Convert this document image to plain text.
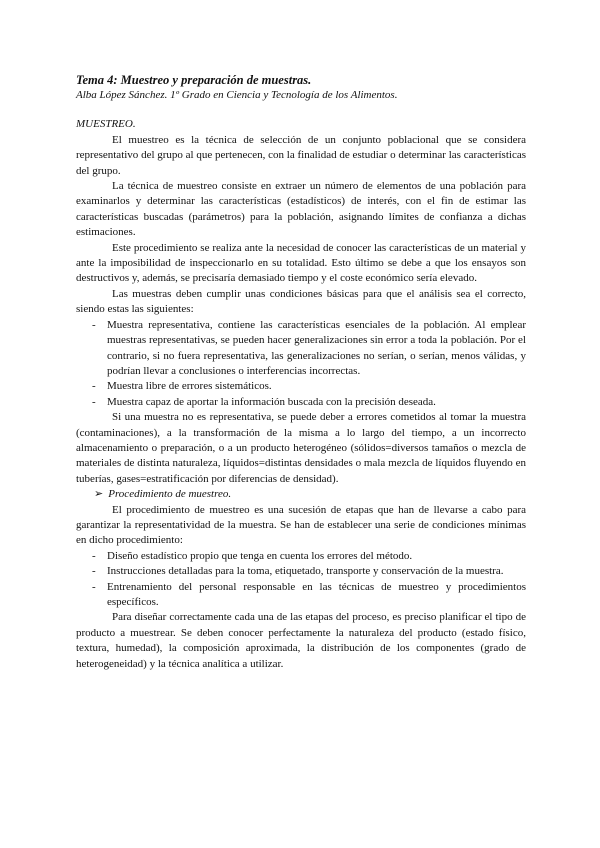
Tema 4: Muestreo y preparación de muestras.

Alba López Sánchez. 1º Grado en Ciencia y Tecnología de los Alimentos.

MUESTREO.

El muestreo es la técnica de selección de un conjunto poblacional que se considera representativo del grupo al que pertenecen, con la finalidad de estudiar o determinar las características del grupo.

La técnica de muestreo consiste en extraer un número de elementos de una población para examinarlos y determinar las características (estadísticos) de interés, con el fin de estimar las características buscadas (parámetros) para la población, asignando límites de confianza a dichas estimaciones.

Este procedimiento se realiza ante la necesidad de conocer las características de un material y ante la imposibilidad de inspeccionarlo en su totalidad. Esto último se debe a que los ensayos son destructivos y, además, se precisaría demasiado tiempo y el coste económico sería elevado.

Las muestras deben cumplir unas condiciones básicas para que el análisis sea el correcto, siendo estas las siguientes:

- Muestra representativa, contiene las características esenciales de la población. Al emplear muestras representativas, se pueden hacer generalizaciones sin error a toda la población. Por el contrario, si no fuera representativa, las generalizaciones no serían, o serían, menos válidas, y podrían llevar a conclusiones o interferencias incorrectas.
- Muestra libre de errores sistemáticos.
- Muestra capaz de aportar la información buscada con la precisión deseada.

Si una muestra no es representativa, se puede deber a errores cometidos al tomar la muestra (contaminaciones), a la transformación de la misma a lo largo del tiempo, a un incorrecto almacenamiento o preparación, o a un producto heterogéneo (sólidos=diversos tamaños o mezcla de materiales de distinta naturaleza, líquidos=distintas densidades o mala mezcla de líquidos fluyendo en tuberías, gases=estratificación por diferencias de densidad).

➢ Procedimiento de muestreo.

El procedimiento de muestreo es una sucesión de etapas que han de llevarse a cabo para garantizar la representatividad de la muestra. Se han de establecer una serie de condiciones mínimas en dicho procedimiento:

- Diseño estadístico propio que tenga en cuenta los errores del método.
- Instrucciones detalladas para la toma, etiquetado, transporte y conservación de la muestra.
- Entrenamiento del personal responsable en las técnicas de muestreo y procedimientos específicos.

Para diseñar correctamente cada una de las etapas del proceso, es preciso planificar el tipo de producto a muestrear. Se deben conocer perfectamente la naturaleza del producto (estado físico, textura, humedad), la composición aproximada, la distribución de los componentes (grado de heterogeneidad) y la técnica analítica a utilizar.
